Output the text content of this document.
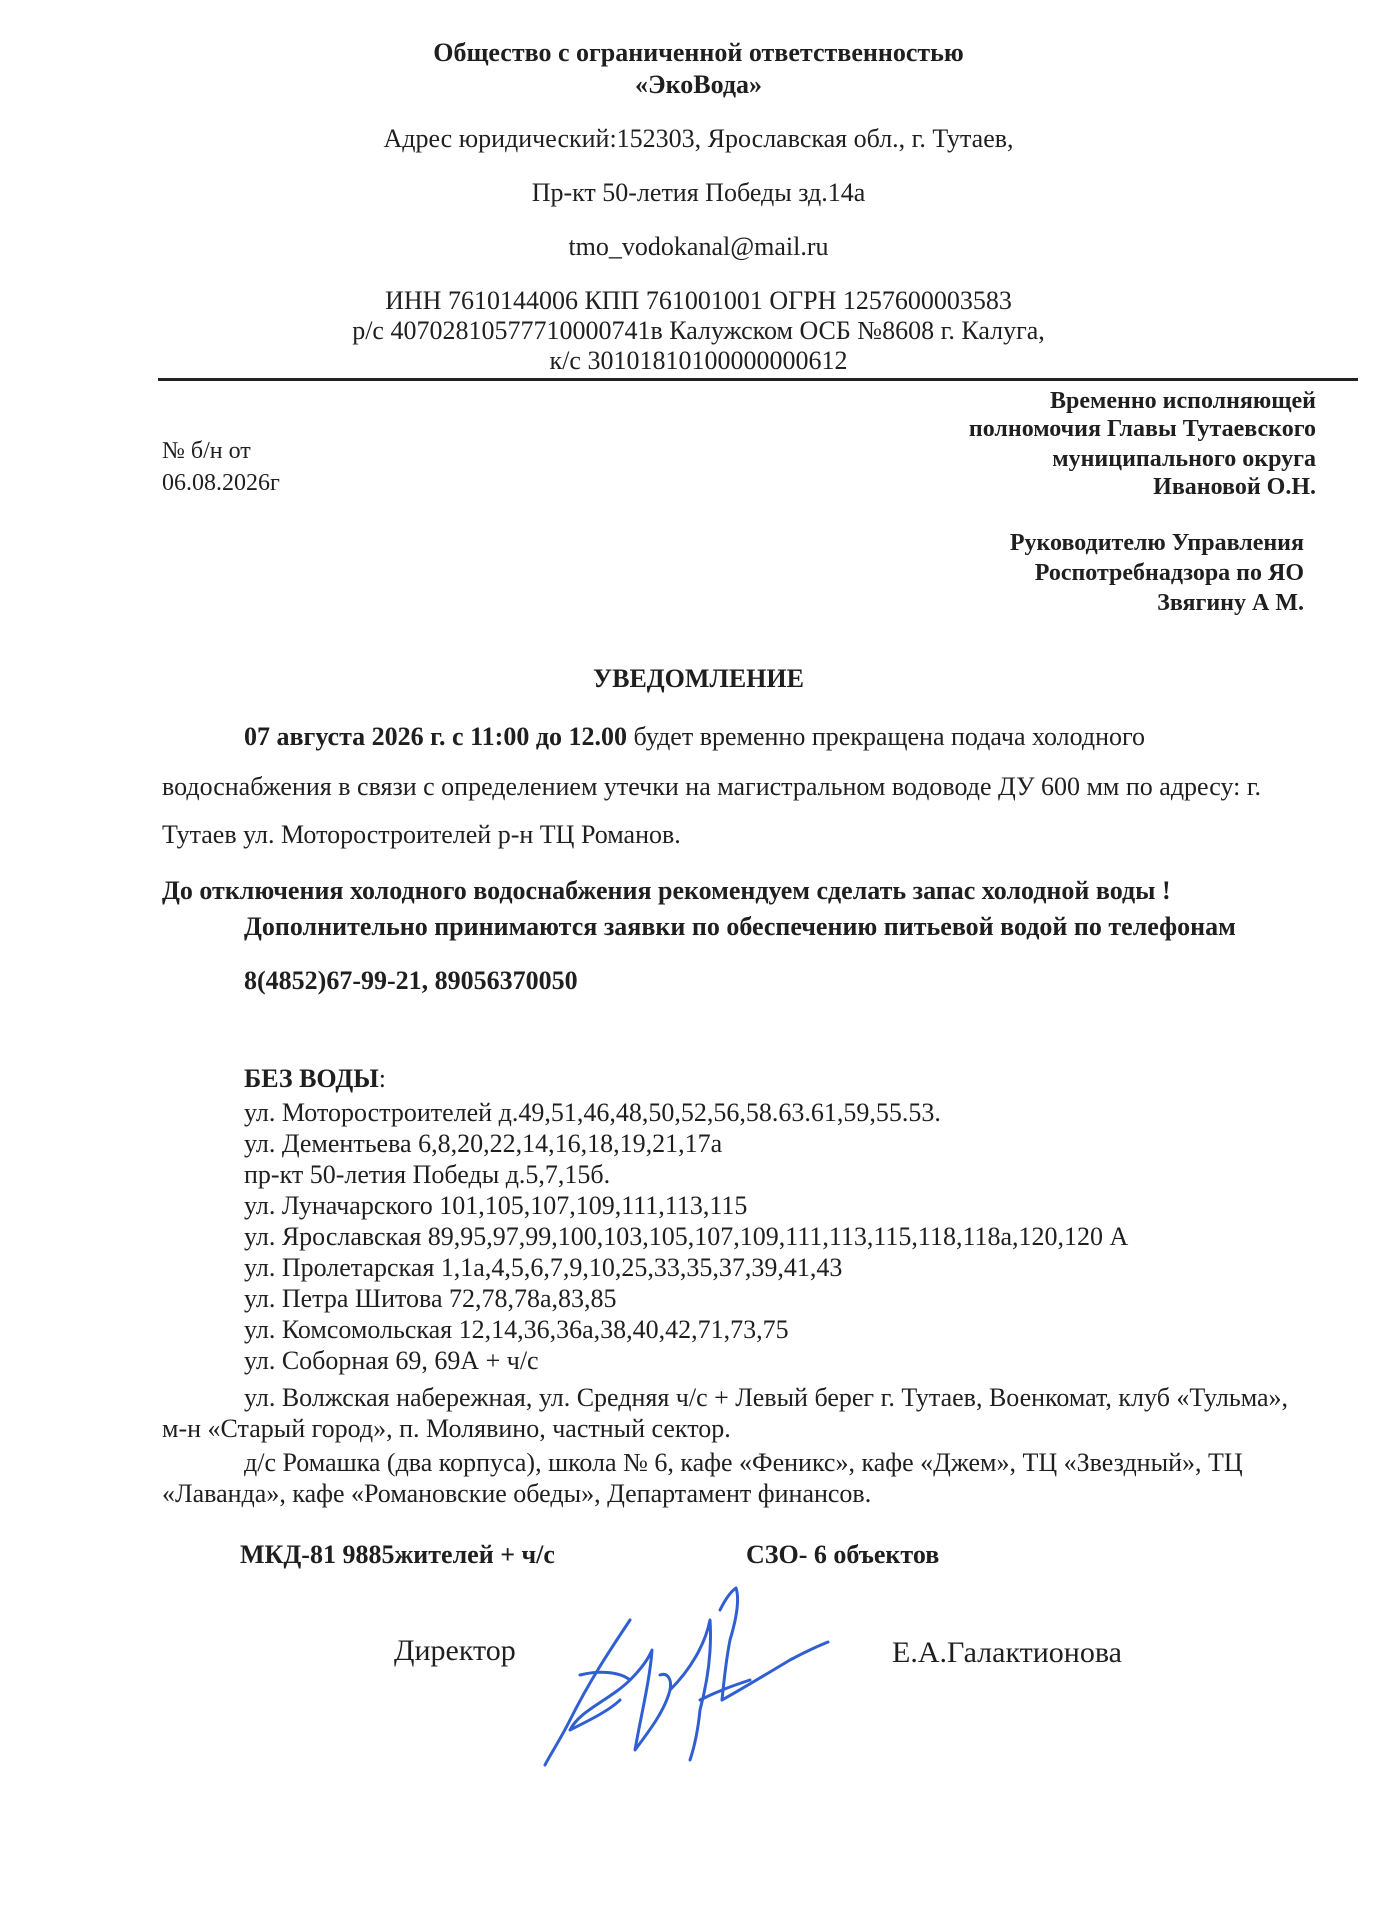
Общество с ограниченной ответственностью
«ЭкоВода»
Адрес юридический:152303, Ярославская обл., г. Тутаев,
Пр-кт 50-летия Победы зд.14а
tmo_vodokanal@mail.ru
ИНН 7610144006 КПП 761001001 ОГРН 1257600003583
р/с 40702810577710000741в Калужском ОСБ №8608 г. Калуга,
к/с 30101810100000000612
№ б/н от
06.08.2026г
Временно исполняющей
полномочия Главы Тутаевского
муниципального округа
Ивановой О.Н.
Руководителю Управления
Роспотребнадзора по ЯО
Звягину А М.
УВЕДОМЛЕНИЕ
07 августа 2026 г. с 11:00 до 12.00 будет временно прекращена подача холодного
водоснабжения в связи с определением утечки на магистральном водоводе ДУ 600 мм по адресу: г.
Тутаев ул. Моторостроителей р-н ТЦ Романов.
До отключения холодного водоснабжения рекомендуем сделать запас холодной воды !
Дополнительно принимаются заявки по обеспечению питьевой водой по телефонам
8(4852)67-99-21, 89056370050
БЕЗ ВОДЫ:
ул. Моторостроителей д.49,51,46,48,50,52,56,58.63.61,59,55.53.
ул. Дементьева 6,8,20,22,14,16,18,19,21,17а
пр-кт 50-летия Победы д.5,7,15б.
ул. Луначарского 101,105,107,109,111,113,115
ул. Ярославская 89,95,97,99,100,103,105,107,109,111,113,115,118,118а,120,120 А
ул. Пролетарская 1,1а,4,5,6,7,9,10,25,33,35,37,39,41,43
ул. Петра Шитова 72,78,78а,83,85
ул. Комсомольская 12,14,36,36а,38,40,42,71,73,75
ул. Соборная 69, 69А + ч/с
ул. Волжская набережная, ул. Средняя ч/с + Левый берег г. Тутаев, Военкомат, клуб «Тульма»,
м-н «Старый город», п. Молявино, частный сектор.
д/с Ромашка (два корпуса), школа № 6, кафе «Феникс», кафе «Джем», ТЦ «Звездный», ТЦ
«Лаванда», кафе «Романовские обеды», Департамент финансов.
МКД-81 9885жителей + ч/с	СЗО- 6 объектов
Директор	Е.А.Галактионова
